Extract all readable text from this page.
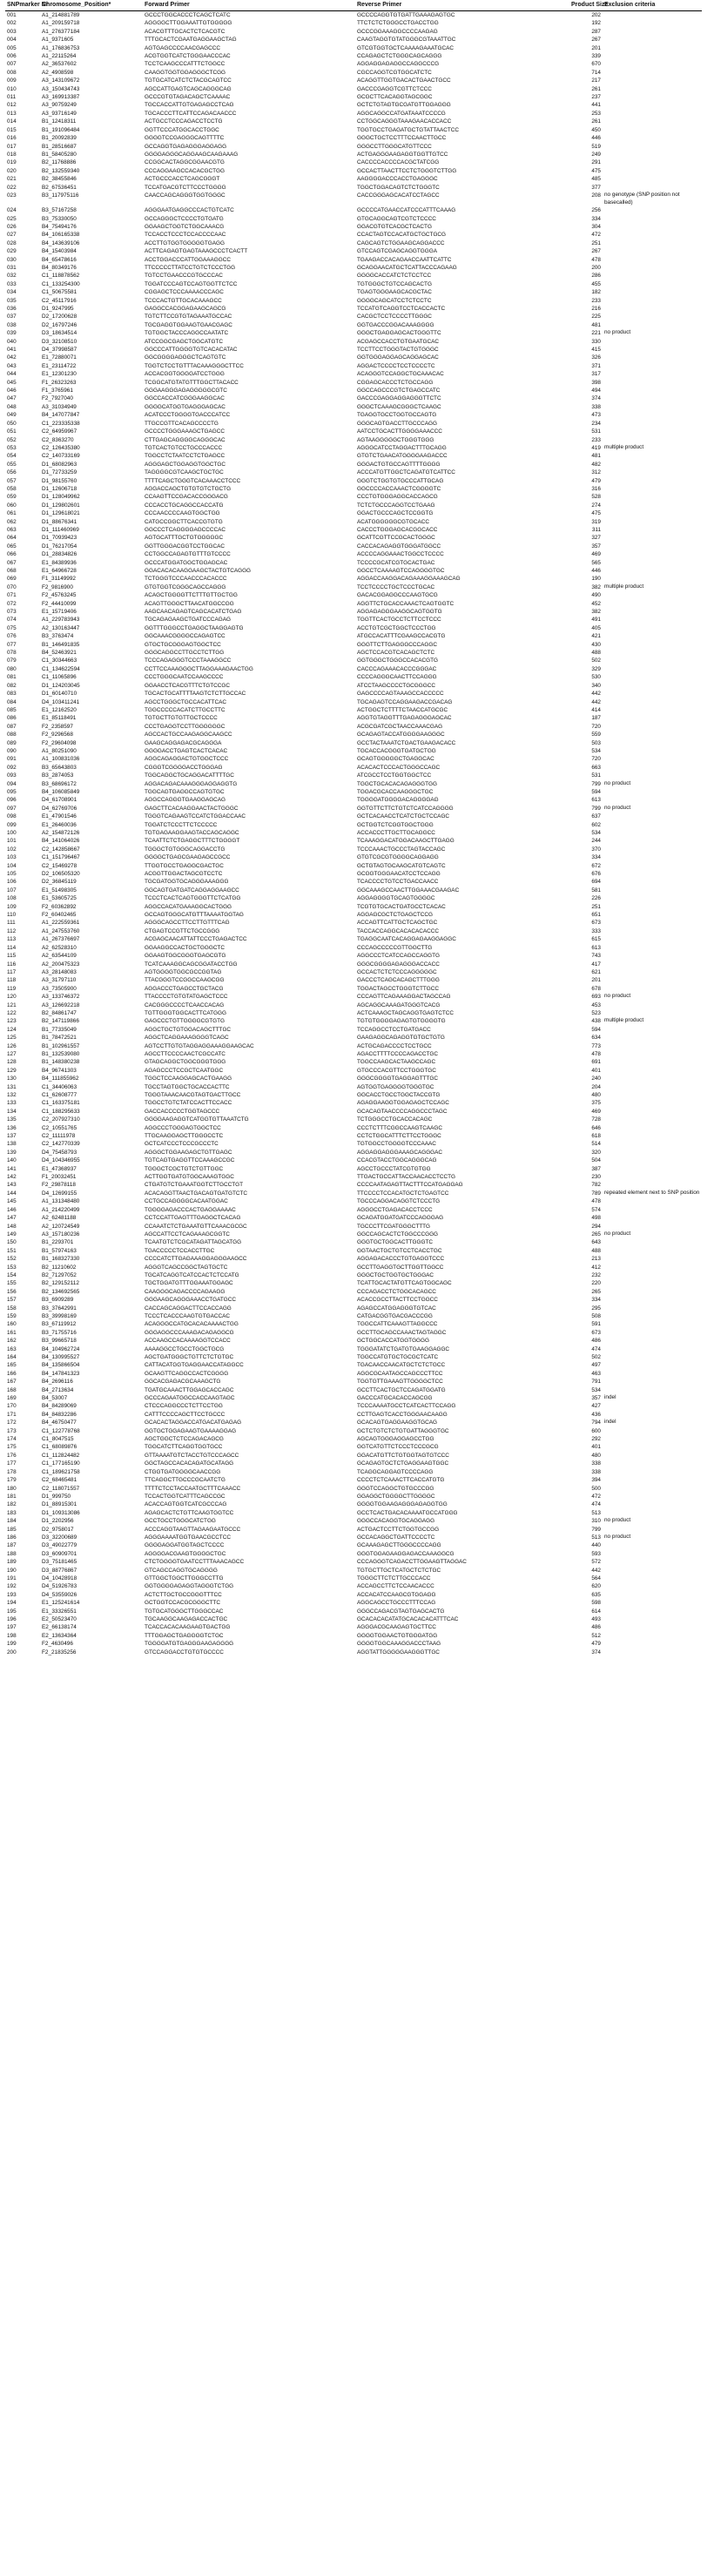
SNPmarker Nr	Chromosome_Position*	Forward Primer	Reverse Primer	Product Size	Exclusion criteria
001	A1_214881789	GCCCTGGCACCCTCAGCTCATC	GCCCCAGGTGTGATTGAAAGAGTGC	202	
002	A1_209159718	AGGGGCTTGGAAATTGTGGGGG	TTCTCTCTGGGCCTGACCTGG	192	
003	A1_276377184	ACACGTTTGCACTCTCACGTC	GCCCGGAAAGGCCCCAAGAG	287	
004	A1_9371605	TTTGCACTCGAATGAGGAAGCTAG	CAAGTAGGTGTATGGGCGTAAATTGC	267	
005	A1_176836753	AGTGAGCCCCAACGAGCCC	GTCGTGGTGCTCAAAAGAAATGCAC	201	
006	A1_22115264	ACGTGGTCATCTGGGAACCCAC	CCAGAGCTCTGGGCAGCAGGG	339	
007	A2_36537602	TCCTCAAGCCCATTTCTGGCC	AGGAGGAGAGGCCAGGCCCG	670	
008	A2_4908598	CAAGGTGGTGGAGGGCTCGG	CGCCAGGTCGTGGCATCTC	714	
009	A3_143109672	TGTGCATCATCTCTACGCAGTCC	ACAGGTTGGTGACACTGAACTGCC	217	
010	A3_150434743	AGCCATTGAGTCAGCAGGGCAG	GACCCGAGGTCGTTCTCCC	261	
011	A3_169913387	GCCCGTGTAGACAGCTCAAAAC	GCGCTTCACAGGTAGCGGC	237	
012	A3_90759249	TGCCACCATTGTGAGAGCCTCAG	GCTCTGTAGTGCGATGTTGGAGGG	441	
013	A3_93716149	TGCACCCTTCATTCCAGACAACCC	AGGCAGGCCATGATAAATCCCCG	253	
014	B1_12418311	ACTGCCTCCCAGACCTCCTG	CCTGGCAGGGTAAAGAACACCACC	261	
015	B1_191096484	GGTTCCCATGGCACCTGGC	TGGTGCCTGAGATGCTGTATTAACTCC	450	
016	B1_20092839	GGGGTCCGAGGGCAGTTTTC	GGGCTGCTCCTTTCCAACTTGCC	446	
017	B1_28516687	GCCAGGTGAGAGGGAGGAGG	GGGCCTTGGGCATGTTCCC	519	
018	B1_58405280	GGGGAGGGCAGGAAGCAAGAAAG	ACTGAGGGAAGAGGTGGTTGTCC	249	
019	B2_11768886	CCGGCACTAGGCGGAACGTG	CACCCCACCCCACGCTATCGG	291	
020	B2_132559340	CCCAGGAAGCCACACGCTGG	GCCACTTAACTTCCTCTGGGTCTTGG	475	
021	B2_38455846	ACTGCCCACCTCAGCGGGT	AAGGGGACCCACCTGAGGGC	485	
022	B2_67536451	TCCATGACGTCTTCCCTGGGG	TGGCTGGACAGTCTCTGGGTC	377	
023	B3_117975116	CAACCAGCAGGGTGGTGGGC	CACCGGGAGCACATCCTAGCC	208	no genotype (SNP position not basecalled)
024	B3_57167258	AGGGAATGAGGCCCACTGTCATC	GCCCCATGAACCATCCCATTTCAAAG	256	
025	B3_75330050	GCCAGGGCTCCCCTGTGATG	GTGCAGGCAGTCGTCTCCCC	334	
026	B4_75494176	GGAAGCTGGTCTGGCAAACG	GGACGTGTCACGCTCACTG	304	
027	B4_106165338	TCCACCTCCCTCCACCCCAAC	CCACTAGTCCACATGCTGCTGCG	472	
028	B4_143639106	ACCTTGTGGTGGGGGTGAGG	CAGCAGTCTGGAAGCAGGACCC	251	
029	B4_15403984	ACTTCAGAGTGAGTAAAGCCCTCACTT	GTCCAGTCGAGCAGGTGGGA	267	
030	B4_65478616	ACCTGGACCCATTGGAAAGGCC	TGAAGACCACAGAACCAATTCATTC	478	
031	B4_80349176	TTCCCCCTTATCCTGTCTCCCTGG	GCAGGAACATGCTCATTACCCAGAAG	200	
032	C1_118878562	TGTCCTGAACCCGTGCCCAC	GGGGCACCATCTCTCCTCC	286	
033	C1_133254300	TGGATCCCAGTCCAGTGGTTCTCC	TGTGGGCTGTCCAGCACTG	455	
034	C1_50675581	CGGAGCTCCCAAAACCCAGC	TGAGTGGGAAGCACGCTAC	182	
035	C2_45117916	TCCCACTGTTGCACAAAGCC	GGGGCAGCATCCTCTCCTC	233	
036	D1_9247995	GAGGCCACGGAGAAGCAGCG	TCCATGTCAGGTCCTCACCACTC	216	
037	D2_17200628	TGTCTTCCGTGTAGAAATGCCAC	CACGCTCCTCCCCTTGGGC	225	
038	D2_16797246	TGCGAGGTGGAAGTGAACGAGC	GGTGACCCGGACAAAGGGG	481	
039	D3_18634514	TGTGGCTACCCAGGCCAATATC	GGGCTGAGGAGCACTGGGTTC	221	no product
040	D3_32108510	ATCCGGCGAGCTGGCATGTC	ACGAGCCACCTGTGAATGCAC	330	
041	D4_37998587	GGCCCATTGGGGTGTCACACATAC	TCCTTCCTGGGTACTGTGGGC	415	
042	E1_72880071	GGCGGGGAGGGCTCAGTGTC	GGTGGGAGGAGCAGGAGCAC	326	
043	E1_23114722	TGGTCTCCTGTTTACAAAGGGCTTCC	AGGACTCCCCTCCTCCCCTC	371	
044	E1_12301230	ACCACGGTGGGGATCCTGGG	ACAGGGTCCAGGCTGCAAACAC	317	
045	F1_26323263	TCGGCATGTATGTTTGGCTTACACC	CGGAGCACCCTCTGCCAGG	398	
046	F1_3765961	GGGAAGGGAGAGGGGGCGTC	GGCCAGCCCGTCTGAGCCATC	494	
047	F2_7927040	GGCCACCATCGGGAAGGCAC	GACCCGAGGAGGAGGGTTCTC	374	
048	A3_31034949	GGGGCATGGTGAGGGAGCAC	GGGCTCAAAGCGGGCTCAAGC	338	
049	B4_147077847	ACATCCCTGGGGTGACCCATCC	TGAGGTGCCTGGTGCCAGTG	473	
050	C1_223335338	TTGCCGTTCACAGCCCCTG	GGGCAGTGACCTTGCCCAGG	234	
051	C2_64959967	GCCCCTGGGAAAGCTGAGCC	AATCCTGCACTTGGGGAAACCC	531	
052	C2_8363270	CTTGAGCAGGGGCAGGGCAC	AGTAAGGGGGCTGGGTGGG	233	
053	C2_126435380	TGTCACTGTCCTGCCCACCC	AGGGCATCCTAGGACTTTGCAGG	419	multiple product
054	C2_140733169	TGGCCTCTAATCCTCTGAGCC	GTGTCTGAACATGGGGAAGACCC	481	
055	D1_68082963	AGGGAGCTGGAGGTGGCTGC	GGGACTGTGCCAGTTTTGGGG	482	
056	D1_72733259	TAGGGGCGTCAAGCTGCTGC	ACCCATGTTGGCTCAGATGTCATTCC	312	
057	D1_98155760	TTTTCAGCTGGGTCACAAACCTCCC	GGGTCTGGTGTGCCCATTGCAG	479	
058	D1_12606718	AGGACCAGCTGTGTGTCTGCTG	GGCCCCACCAAACTCGGGGTC	316	
059	D1_128049962	CCAAGTTCCGACACCGGGACG	CCCTGTGGGAGGCACCAGCG	528	
060	D1_129802601	CCCACCTGCAGGCCACCATG	TCTCTGCCCAGGTCCTGAAG	274	
061	D1_129618021	CCCAACCCCAAGTGGCTGG	GGACTGCCCAGCTCCGGTG	475	
062	D1_88676341	CATGCCGGCTTCACCGTGTG	ACATGGGGGGCGTGCACC	319	
063	D1_111460969	GGCCCTCAGGGGAGCCCCAC	CACCCTGGGAGCACGGCACC	311	
064	D1_70939423	AGTGCATTTGCTGTGGGGGC	GCATTCGTTCCGCACTGGGC	327	
065	D1_76217054	GGTTGGGACGGTCCTGGCAC	CACCACAGAGGTGGGATGGCC	357	
066	D1_28834826	CCTGGCCAGAGTGTTTGTCCCC	ACCCCAGGAAACTGGCCTCCCC	469	
067	E1_84389936	GCCCATGGATGGCTGGAGCAC	TCCCCGCATCGTGCACTGAC	565	
068	E1_64966728	GGACACACAAGGAAGCTACTGTCAGGG	GGCCTCAAAAGTCCAGGGGTGC	446	
069	F1_31149992	TCTGGGTCCCAACCCACACCC	AGGACCAAGGACAGAAAGGAAAGCAG	190	
070	F2_9816900	GTGTGGTCGGGCAGCCAGGG	TCCTCCCCTGCTCCCTGCAC	382	multiple product
071	F2_45763245	ACAGCTGGGGTTCTTTGTTGCTGG	GACACGGAGGCCCAAGTGCG	490	
072	F2_44410099	ACAGTTGGGCTTAACATGGCCGG	AGGTTCTGCACCAAACTCAGTGGTC	452	
073	E1_15719406	AAGCAACAGAGTCAGCACATCTGAG	AGGAGAGGGAAGGCAGTGGTG	382	
074	A1_229783943	TGCAGAGAAGCTGATCCCAGAG	TGGTTCACTGCCTCTTCCTCCC	491	
075	A2_130163447	GGTTTGGGCCTGAGGCTAAGGAGTG	ACCTGTCGCTGGCTCCCTGG	405	
076	B3_3763474	GGCAAACGGGGCCAGAGTCC	ATGCCACATTTCGAAGCCACGTG	421	
077	B1_146491835	GTGCTGCGGGAGTGGCTCC	GGGTTCTTGAGGGCCCAGGC	430	
078	B4_52463921	GGGCAGGCCTTGCCTCTTGG	AGCTCCACGTCACAGCTCTC	488	
079	C1_30344663	TCCCAGAGGGTCCCTAAAGGCC	GGTGGGCTGGGCCACACGTG	502	
080	C1_134622594	CCTTCCAAAGGGCTTAGGAAAGAACTGG	CACCCAGAAACACCCGGGAC	329	
081	C1_11065896	CCCTGGGCAATCCAAGCCCC	CCCCAGGGCAACTTCCAGGG	530	
082	D1_124203045	GGAACCTCACGTTTCTGTCCGC	ATCCTAAGCCCCTGCGGGCC	340	
083	D1_60140710	TGCACTGCATTTTAAGTCTCTTGCCAC	GAGCCCCAGTAAAGCCACCCCC	442	
084	D4_103411241	AGCCTGGGCTGCCACATTCAC	TGCAGAGTCCAGGAAGACCGACAG	442	
085	E1_12162520	TGGCCCCCACATCTTGCCTTC	ACTGGCTCTTTTCTAACCATGCGC	414	
086	E1_85118491	TGTGCTTGTGTTGCTCCCC	AGGTGTAGGTTTGAGAGGGAGCAC	187	
087	F2_2358597	CCCTGAGGTCCTTGGGGGGC	ACGCGATCGCTAACCAAACGAG	720	
088	F2_9296568	AGCCACTGCCAAGAGGCAAGCC	GCAGAGTACCATGGGGAAGGGC	559	
089	F2_29604098	GAAGCAGGAGACGCAGGGA	GCCTACTAAATCTGACTGAAGACACC	503	
090	A1_80251090	GGGGACCTGAGTCACTCACAC	TGCACCACGGGTGATGCTGG	534	
091	A1_100831036	AGGCAGAGGACTGTGGCTCCC	GCAGTGGGGGCTGAGGCAC	720	
092	B3_65643803	CGGGTCGGGGACCTGGGAG	ACACACTCCCACTGGGCCAGC	663	
093	B3_2874053	TGGCAGGCTGCAGGACATTTTGC	ATCGCCTCCTGGTGGCTCC	531	
094	B3_68696172	AGGACAGACAAAGGGAGGAGGTG	TGGCTGCACACAGAGGGTGG	799	no product
095	B4_106085849	TGGCAGTGAGGCCAGTGTGC	TGGACGCACCAAGGGCTGC	594	
096	D4_61708901	AGGCCAGGGTGAAGGAGCAG	TGGGGATGGGGACAGGGGAG	613	
097	D4_62769706	GAGCTTCACAAGGAACTACTGGGC	GGTGTTCTTCTGTCTCATCCAGGGG	799	no product
098	E1_47901546	TGGGTCAGAAGTCCATCTGGACCAAC	GCTCACAACCTCATCTGCTCCAGC	637	
099	E1_26460036	TGGATCTCCCTTCTCCCCC	GCTGGTCTCGGTGGCTGGG	602	
100	A2_154872126	TGTGAGAAGGAAGTACCAGCAGGC	ACCACCCTTGCTTGCAGGCC	534	
101	B4_141064026	TCAATTCTCTGAGGCTTTCTGGGGT	TCAAAGGACATGGACAAGCTTGAGG	244	
102	C2_142858667	TGGGCTGTGGGCAGGACCTG	TCCCAAACTGCCCTAGTACCAGC	370	
103	C1_151796467	GGGGCTGAGCGAAGAGCCGCC	GTGTCGCGTGGGGCAGGAGG	334	
104	C2_15469278	TTGGTGCCTGAGGCGACTGC	GCTGTAGTGCAAGCATGTCAGTC	672	
105	D2_106505320	ACGGTTGGACTAGCGTCCTC	GCGGTGGGAACATCCTCCAGG	676	
106	D2_36845119	TGCGATGGTGCAGGGAAAGGG	TCACCCCTGTCCTGACCAACC	694	
107	E1_51498305	GGCAGTGATGATCAGGAGGAAGCC	GGCAAAGCCAACTTGGAAACGAAGAC	581	
108	E1_53605725	TCCCTCACTCAGTGGGTTCTCATGG	AGGAGGGGTGCAGTGGGGC	226	
109	F2_60362892	AGGCCACATGAAAGGCACTGGG	TCGTGTGCACTGATGCCTCACAC	251	
110	F2_60402465	GCCAGTGGGCATGTTTAAAATGGTAG	AGGAGCGCTCTGAGCTCCG	651	
111	A1_222559361	AGGGCAGCCTTCCTTGTTTCAG	ACCAGTTCATTGCTCAGCTGC	673	
112	A1_247553760	CTGAGTCCGTTCTGCCGGG	TACCACCAGGCACACACACCC	333	
113	A1_267376697	ACGAGCAACATTATTCCCTGAGACTCC	TGAGGCAATCACAGGAGAAGGAGGC	615	
114	A2_62528310	GGAAGGCCACTGCTGGGCTC	CCCAGCCCCCGTTGGCTTG	613	
115	A2_63544109	GGAAGTGGCGGGTGAGCGTG	AGGCCCTCATCCAGCCAGGTG	743	
116	A2_200475323	TCATCAAAGGCAGCGGATACCTGG	GGGCGGGGAGAGGGACCACC	417	
117	A3_28148083	AGTGGGGTGGCGCCGGTAG	GCCACTCTCTCCCAGGGGGC	621	
118	A3_31797110	TTACGGGTCCGGCCAAGCGG	GACCCTCAGCACAGCTTTGGG	201	
119	A3_73505900	AGGACCCTGAGCCTGCTACG	TGGACTAGCCTGGGTCTTGCC	678	
120	A3_133746372	TTACCCCTGTGTATGAGCTCCC	CCCAGTTCAGAAAGGACTAGCCAG	693	no product
121	A3_126692218	CACGGGCCCCTCAACCACAG	AGCAGGCAAAGATGGGTCACG	453	
122	B2_84861747	TGTTGGGTGGCACTTCATGGG	ACTCAAAGCTAGCAGGTGAGTCTCC	523	
123	B2_147119866	GAGCCCTGTTGGGGCGTGTG	TGTGTGGGGAGAGTGTGGGGTG	438	multiple product
124	B1_77335049	AGGCTGCTGTGGACAGCTTTGC	TCCAGGCCTCCTGATGACC	594	
125	B1_78472521	AGGCTCAGGAAAGGGGTCAGC	GAAGAGGCAGAGGTGTGCTGTG	634	
126	B1_102961557	AGTCCTTGTGTAGGAGGAAAGGAAGCAC	ACTGCAGACCCCTCCTGCC	773	
127	B1_132539080	AGCCTTCCCCAACTCGCCATC	AGACCTTTTCCCCAGACCTGC	478	
128	B1_148380238	GTAGCAGGCTGGCGGGTGGG	TGGCCAAGCACTAAGCCAGC	691	
129	B4_96741303	AGAGCCCTCCGCTCAATGGC	GTGCCCACGTTCCTGGGTGC	401	
130	B4_111855962	TGGCTCCAAGGAGCACTGAAGG	GGGCGGGGTGAGGAGTTTGC	240	
131	C1_34406063	TGCCTAGTGGCTGCACCACTTC	AGTGGTGAGGGGTGGGTGC	204	
132	C1_62608777	TGGGTAAACAACGTAGTGACTTGCC	GGCACCTGCCTGGCTACCGTG	480	
133	C1_163375181	TGGCCTGTCTATCCACTTCCACC	AGAGGAAGGTGGAGAGCTCCAGC	375	
134	C1_188295633	GACCACCCCCTGGTAGCCC	GCACAGTAACCCCAGGCCCTAGC	469	
135	C2_207927310	GGGGAAGAGGTCATGGTGTTAAATCTG	TCTGGGCCTGCACCACAGC	728	
136	C2_10551765	AGGCCCTGGGAGTGGCTCC	CCCTCTTTCGGCCAAGTCAAGC	646	
137	C2_11111978	TTGCAAGGAGCTTGGGCCTC	CCTCTGGCATTTCTTCCTGGGC	618	
138	C2_142770339	GCTCATCCCTCCCGCCCTC	TGTGGCCTGGGGTCCCAAAC	514	
139	D4_75458793	AGGGCTGGAAGAGCTGTTGAGC	AGGAGGAGGGAAAGCAGGGAC	320	
140	D4_104346955	TGTCAGTGAGGTTCCAAAGCCGC	CCACGTACCTGGCAGGGCAG	504	
141	E1_47368937	TGGGCTCGCTGTCTGTTGGC	AGCCTGCCCTATCGTGTGG	387	
142	F1_20032451	ACTTGGTGATGTGGCAAAGTGGC	TTGACTGCCATTACCAACACCTCCTG	230	
143	F2_29878118	CTGATGTCTGAAATGGTCTTGCCTGT	CCCCAATAGAGTTACTTTCCATGAGGAG	782	
144	D4_12699155	ACACAGGTTAACTGACAGTGATGTCTC	TTCCCCTCCACATGCTCTGAGTCC	789	repeated element next to SNP position
145	A1_131348480	CCTGCCAGGGGCACAATGGAC	TGCCCAGGACAGGTCTCCCTG	478	
146	A1_214220499	TGGGGAGACCCACTGAGGAAAAC	AGGGCCTGAGACACCTCCC	574	
147	A2_62481188	CCTCCATTGAGTTTGAGGCTCACAG	GCAGATGGATGATCCCAGGGAG	498	
148	A2_120724549	CCAAATCTCTGAAATGTTCAAACGCGC	TGCCCTTCGATGGGCTTTG	294	
149	A3_157180236	AGCCATTCCTCAGAAAGCGGTC	GGCCAGCACTCTGGCCCGGG	265	no product
150	B1_2293701	TCAATGTCTCGCATAGATTAGCATGG	GGGTGCTGGCACTTGGGTC	643	
151	B1_57974163	TGACCCCCTCCACCTTGC	GGTAACTGCTGTCCTCACCTGC	488	
152	B1_168327330	CCCCATCTTGAGAAAGGAGGGAAGCC	AGGAGACACCCTGTGAGGTCCC	213	
153	B2_11210602	AGGGTCAGCCGGCTAGTGCTC	GCCTTGAGGTGCTTGGTTGGCC	412	
154	B2_71297052	TGCATCAGGTCATCCACTCTCCATG	GGGCTGCTGGTGCTGGGAC	232	
155	B2_129152112	TGCTGGATGTTTGGAAATGGAGC	TCATTGCACTATGTTCAGTGGCAGC	220	
156	B2_134692565	CAAGGGCAGACCCCAGAAGG	CCCAGACCTCTGGCACAGCC	265	
157	B3_6909289	GGGAAGCAGGGAAACCTGATGCC	ACACCGCCTTACTTCCTGGCC	334	
158	B3_37642991	CACCAGCAGGACTTCCACCAGG	AGAGCCATGGAGGGTGTCAC	295	
159	B3_39998169	TCCCTCACCCAAGTGTGACCAC	CATGACGGTGACGACCCGG	508	
160	B3_67119912	ACAGGGCCATGCACACAAAACTGG	TGGCCATTCAAAGTTAGGCCC	591	
161	B3_71755716	GGGAGGCCCAAAGACAGAGGCG	GCCTTGCAGCCAAACTAGTAGGC	673	
162	B3_99665718	ACCAAGCCACAAAAGGTCCACC	GCTGGCACCATGGTGGGG	486	
163	B4_104962724	AAAAGGCCTGCCTGGCTGCG	TGGGATATCTGATGTGAAGGAGGC	474	
164	B4_130995527	AGCTGATGGGCTGTTCTCTGTGC	TGGCCATGTGCTGCGCTCATC	502	
165	B4_135866504	CATTACATGGTGAGGAACCATAGGCC	TGACAACCAACATGCTCTCTGCC	497	
166	B4_147841323	GCAAGTTCAGGCCACTCGGGG	AGGCGCAATAGCCAGCCCTTCC	463	
167	B4_2696116	GGCACGAGACGCAAAGCTG	TGGTGTTGAAAGTTGGGGCTCC	791	
168	B4_2713634	TGATGCAAACTTGGAGCACCAGC	GCCTTCACTGCTCCAGATGGATG	534	
169	B4_53007	GCCCAGAATGGCCACCAAGTAGC	GACCCATGCACACCAGCGG	357	indel
170	B4_84289069	CTCCCAGGCCCTCTTCCTGG	TCCCAAAATGCCTCATCACTTCCAGG	427	
171	B4_84832286	CATTTCCCCAGCTTCCTGCCC	CCTTGAGTCACCTGGGAACAAGG	436	
172	B4_46750477	GCACACTAGGACCATGACATGAGAG	GCACAGTGAGGAAGGTGCAG	794	indel
173	C1_122778768	GGTGCTGGAGAAGTGAAAAGGAG	GCTCTGTCTCTGTGATTAGGGTGC	600	
174	C1_8047515	AGCTGGCTCTCCAGACAGCG	AGCAGTGGGAGGAGCCTGG	292	
175	C1_68089876	TGGCATCTTCAGGTGGTGCC	GGTCATGTTCTCCCTCCCGCG	401	
176	C1_112824482	GTTAAAATGTCTACCTGTCCCAGCC	GGACATGTTCTGTGGTAGTGTCCC	480	
177	C1_177165190	GGCTAGCCACACAGATGCATAGG	GCAGAGTGCTCTGAGGAAGTGGC	338	
178	C1_189621758	CTGGTGATGGGGCAACCGG	TCAGGCAGGAGTCCCCAGG	338	
179	C2_68465481	TTCAGGCTTGCCCGCAATCTG	CCCCTCTCAAACTTCACCATGTG	394	
180	C2_118071557	TTTTCTCCTACCAATGCTTTCAAACC	GGGTCCAGGCTGTGCCCGG	500	
181	D1_999750	TCCACTGGTCATTTCAGCCGC	GGAGGCTGGGGCTTGGGGC	472	
182	D1_88915301	ACACCAGTGGTCATCGCCCAG	GGGGTGGAAGAGGGAGAGGTGG	474	
183	D1_109313086	AGAGCACTCTGTTCAAGTGGTCC	GCCTCACTGACACAAAATGCCATGGG	513	
184	D1_2202956	GCCTGCCTGGGCATCTGG	GGGCCACAGGTGCAGGAGG	310	no product
185	D2_9758017	ACCCAGGTAAGTTAGAAGAATGCCC	ACTGACTCCTTCTGGTGCCGG	799	
186	D3_32200689	AGGGAAAATGGTGAACGCCTCC	GCCACAGGCTGATTCCCCTC	513	no product
187	D3_49022779	GGGGAGGATGGTAGCTCCCC	GCAAAGAGCTTGGGCCCCAGG	440	
188	D3_60909701	AGGGGACGAAGTGGGGCTGC	GGGTGGAGAAGGAGACCAAAGGCG	593	
189	D3_75181465	CTCTGGGGTGAATCCTTTAAACAGCC	CCCAGGGTCAGACCTTGGAAGTTAGGAC	572	
190	D3_88776867	GTCAGCCAGGTGCAGGGG	TGTGCTTGCTCATGCTCTCTGC	442	
191	D4_10428918	GTTGGCTGGCTTGGGCCTTG	TGGGCTTCTCTTGCCCACC	564	
192	D4_51926783	GGTGGGGAGAGGTAGGGTCTGG	ACCAGCCTTCTCCAACACCC	620	
193	D4_53559026	ACTCTTGCTGCCGGGTTTCC	ACCACATCCAAGCGTGGAGG	635	
194	E1_125241614	GCTGGTCCACGCGGGCTTC	AGGCAGCCTGCCCTTTCCAG	598	
195	E1_33326551	TGTGCATGGGCTTGGGCCAC	GGGCCAGACGTAGTGAGCACTG	614	
196	E2_50523470	TGCAAGGCAAGAGACCACTGC	GCACACACATATGCACACACATTTCAC	493	
197	E2_66138174	TCACCACACAAGAAGTGACTGG	AGGGACGCAAGAGTGCTTCC	486	
198	E2_13634364	TTTGGAGCTGAGGGGTCTGC	GGGGTGGAACTGTGGGATGG	512	
199	F2_4630496	TGGGGATGTGAGGGAAGAGGGG	GGGGTGGCAAAGGACCCTAAG	479	
200	F2_21835256	GTCCAGGACCTGTGTGCCCC	AGGTATTGGGGGAAGGGTTGC	374	
